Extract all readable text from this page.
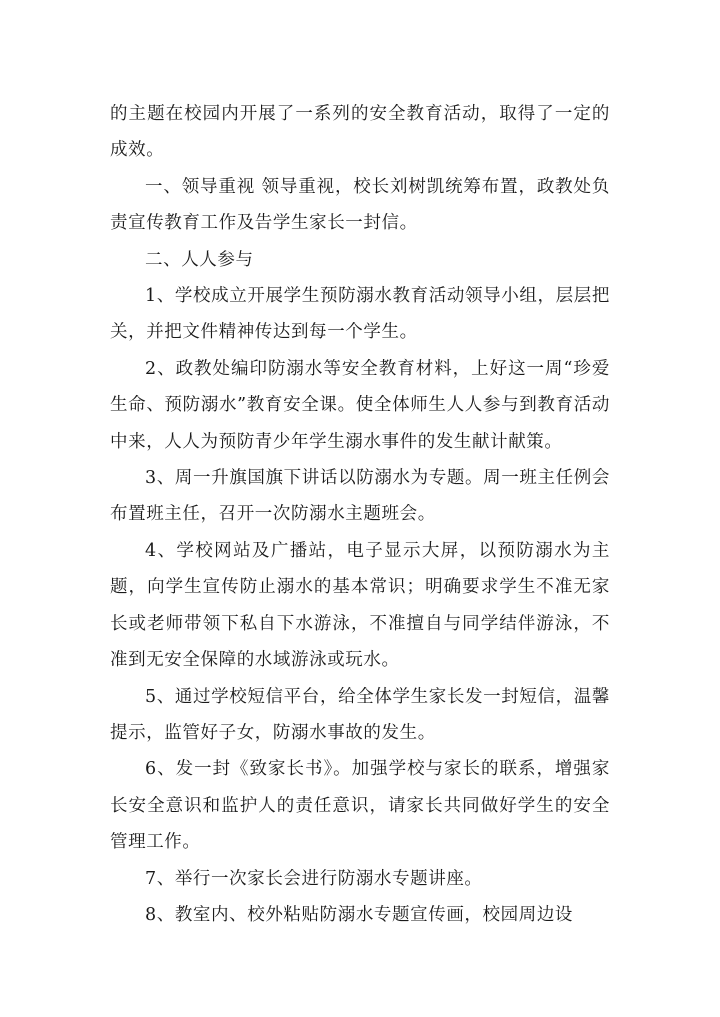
的主题在校园内开展了一系列的安全教育活动，取得了一定的成效。

一、领导重视 领导重视，校长刘树凯统筹布置，政教处负责宣传教育工作及告学生家长一封信。

二、人人参与

1、学校成立开展学生预防溺水教育活动领导小组，层层把关，并把文件精神传达到每一个学生。

2、政教处编印防溺水等安全教育材料，上好这一周“珍爱生命、预防溺水”教育安全课。使全体师生人人参与到教育活动中来，人人为预防青少年学生溺水事件的发生献计献策。

3、周一升旗国旗下讲话以防溺水为专题。周一班主任例会布置班主任，召开一次防溺水主题班会。

4、学校网站及广播站，电子显示大屏，以预防溺水为主题，向学生宣传防止溺水的基本常识；明确要求学生不准无家长或老师带领下私自下水游泳，不准擅自与同学结伴游泳，不准到无安全保障的水域游泳或玩水。

5、通过学校短信平台，给全体学生家长发一封短信，温馨提示，监管好子女，防溺水事故的发生。

6、发一封《致家长书》。加强学校与家长的联系，增强家长安全意识和监护人的责任意识，请家长共同做好学生的安全管理工作。

7、举行一次家长会进行防溺水专题讲座。

8、教室内、校外粘贴防溺水专题宣传画，校园周边设
